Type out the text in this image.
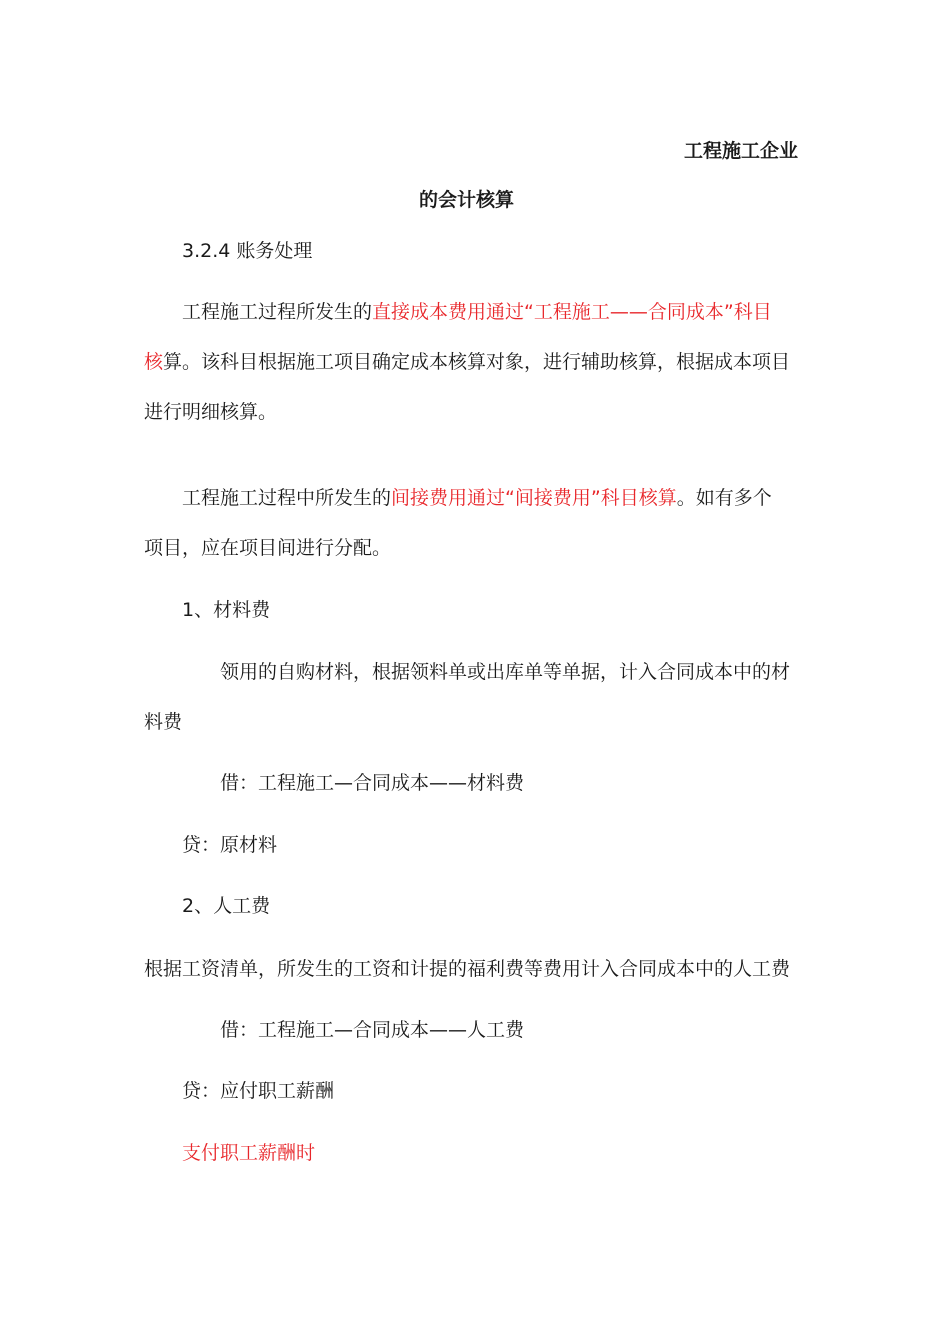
工程施工企业
的会计核算
3.2.4 账务处理
工程施工过程所发生的直接成本费用通过“工程施工——合同成本”科目
核算。该科目根据施工项目确定成本核算对象，进行辅助核算，根据成本项目
进行明细核算。
工程施工过程中所发生的间接费用通过“间接费用”科目核算。如有多个
项目，应在项目间进行分配。
1、材料费
领用的自购材料，根据领料单或出库单等单据，计入合同成本中的材
料费
借：工程施工—合同成本——材料费
贷：原材料
2、人工费
根据工资清单，所发生的工资和计提的福利费等费用计入合同成本中的人工费
借：工程施工—合同成本——人工费
贷：应付职工薪酬
支付职工薪酬时
